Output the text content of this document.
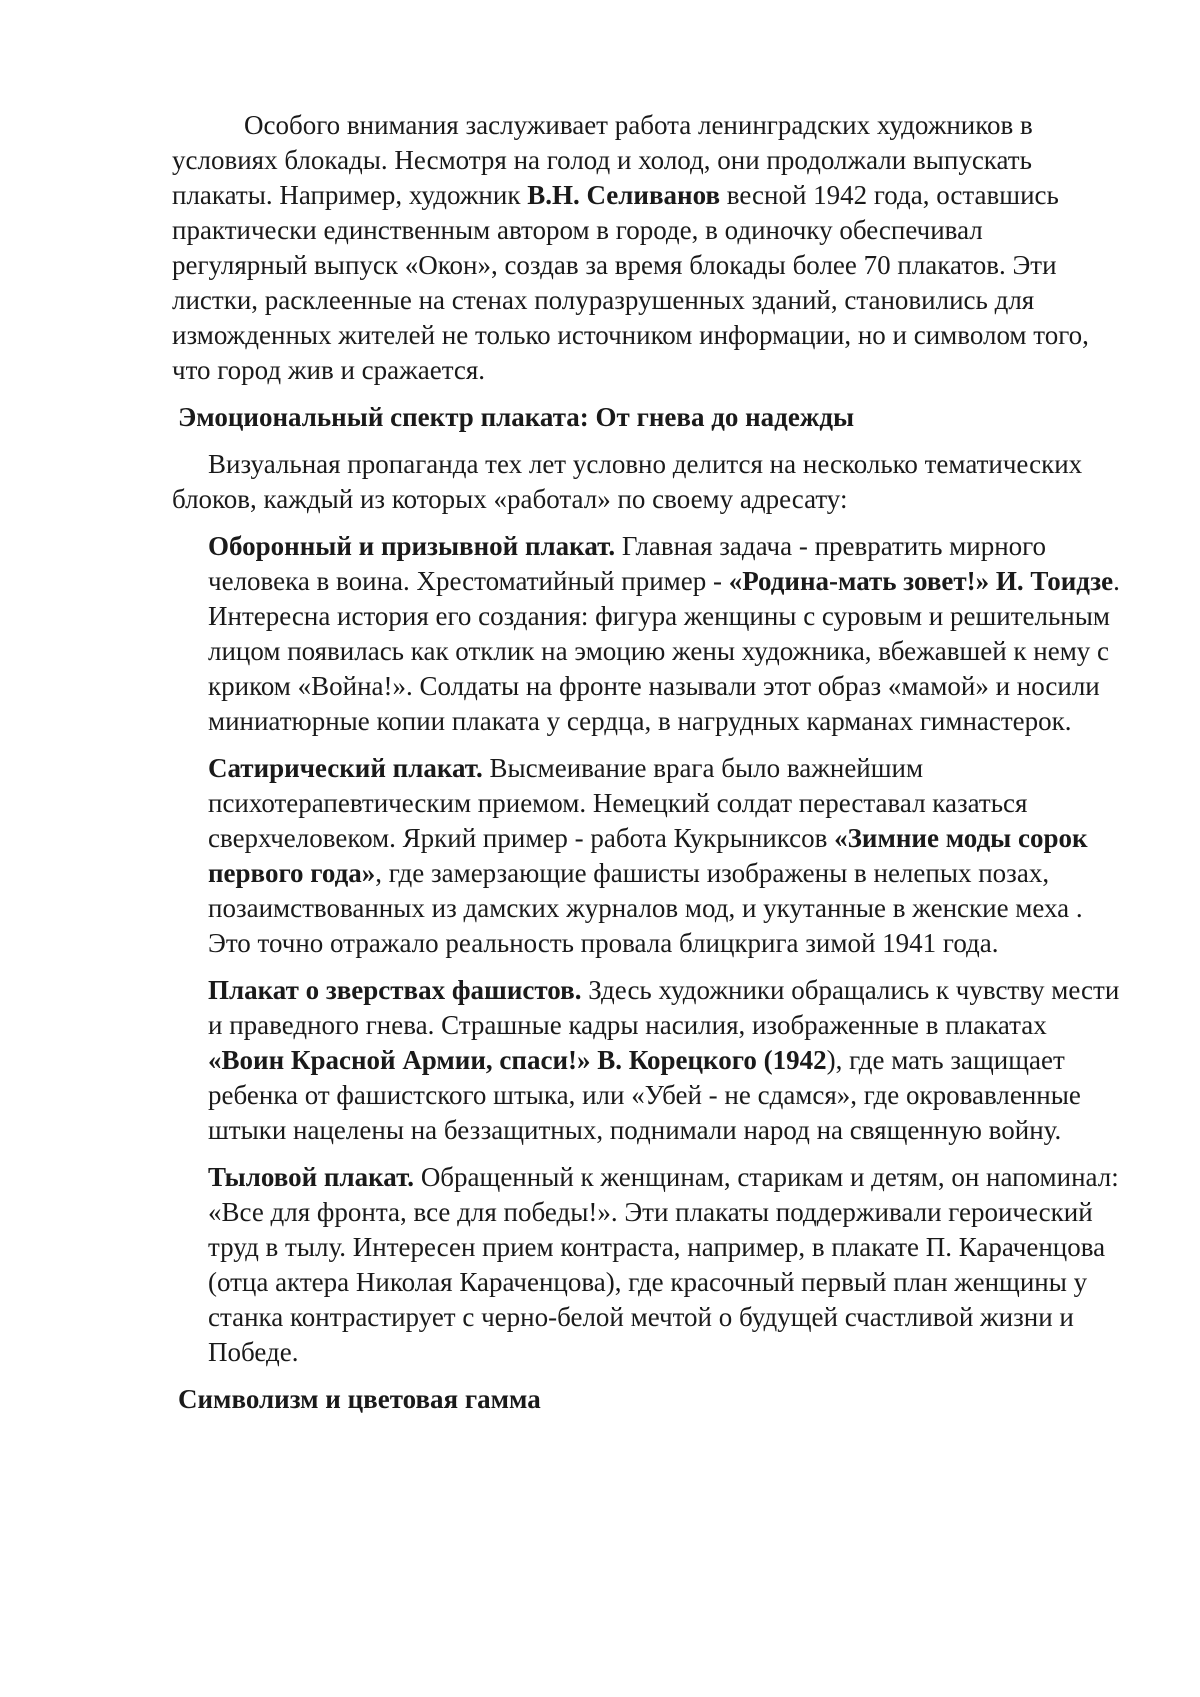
Особого внимания заслуживает работа ленинградских художников в условиях блокады. Несмотря на голод и холод, они продолжали выпускать плакаты. Например, художник В.Н. Селиванов весной 1942 года, оставшись практически единственным автором в городе, в одиночку обеспечивал регулярный выпуск «Окон», создав за время блокады более 70 плакатов. Эти листки, расклеенные на стенах полуразрушенных зданий, становились для изможденных жителей не только источником информации, но и символом того, что город жив и сражается.

Эмоциональный спектр плаката: От гнева до надежды

Визуальная пропаганда тех лет условно делится на несколько тематических блоков, каждый из которых «работал» по своему адресату:

Оборонный и призывной плакат. Главная задача - превратить мирного человека в воина. Хрестоматийный пример - «Родина-мать зовет!» И. Тоидзе. Интересна история его создания: фигура женщины с суровым и решительным лицом появилась как отклик на эмоцию жены художника, вбежавшей к нему с криком «Война!». Солдаты на фронте называли этот образ «мамой» и носили миниатюрные копии плаката у сердца, в нагрудных карманах гимнастерок.

Сатирический плакат. Высмеивание врага было важнейшим психотерапевтическим приемом. Немецкий солдат переставал казаться сверхчеловеком. Яркий пример - работа Кукрыниксов «Зимние моды сорок первого года», где замерзающие фашисты изображены в нелепых позах, позаимствованных из дамских журналов мод, и укутанные в женские меха . Это точно отражало реальность провала блицкрига зимой 1941 года.

Плакат о зверствах фашистов. Здесь художники обращались к чувству мести и праведного гнева. Страшные кадры насилия, изображенные в плакатах «Воин Красной Армии, спаси!» В. Корецкого (1942), где мать защищает ребенка от фашистского штыка, или «Убей - не сдамся», где окровавленные штыки нацелены на беззащитных, поднимали народ на священную войну.

Тыловой плакат. Обращенный к женщинам, старикам и детям, он напоминал: «Все для фронта, все для победы!». Эти плакаты поддерживали героический труд в тылу. Интересен прием контраста, например, в плакате П. Караченцова (отца актера Николая Караченцова), где красочный первый план женщины у станка контрастирует с черно-белой мечтой о будущей счастливой жизни и Победе.

Символизм и цветовая гамма
